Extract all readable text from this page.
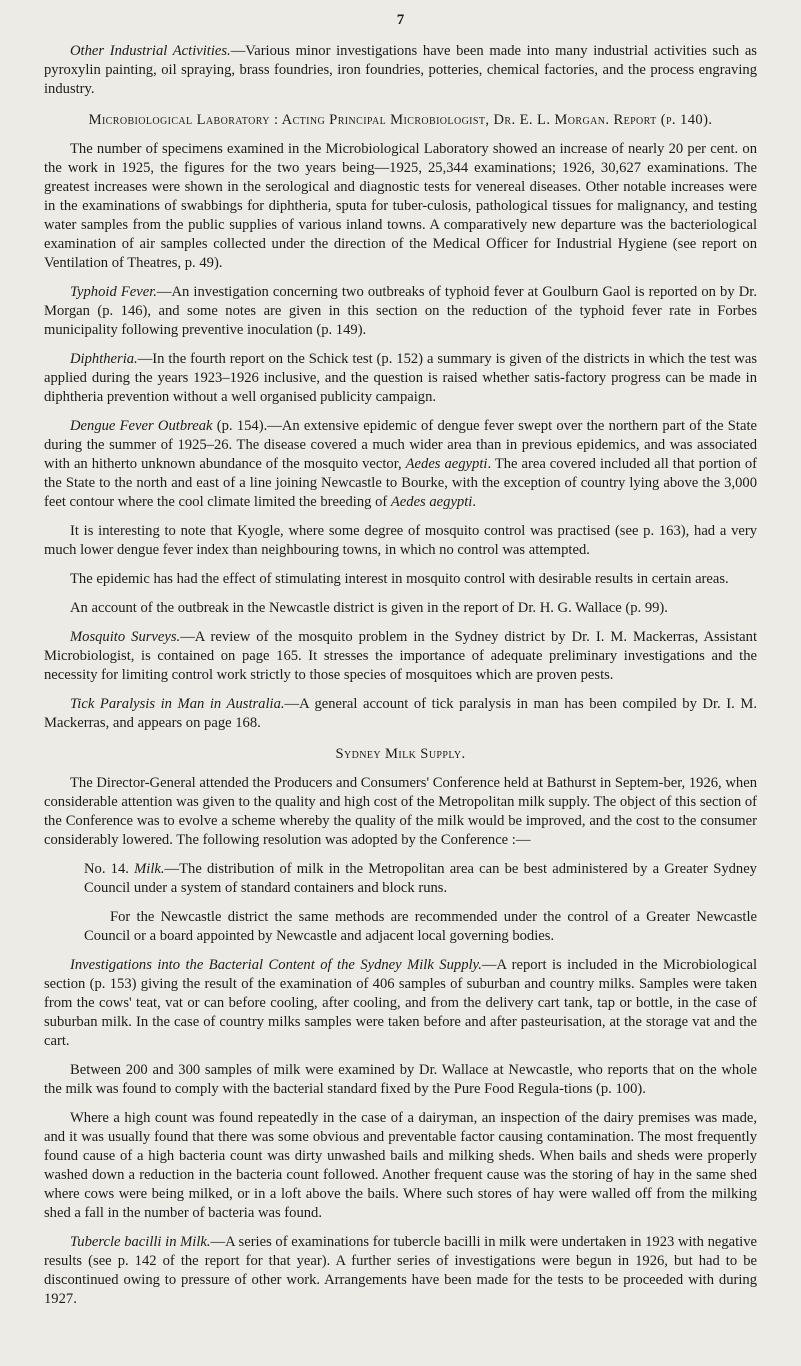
7

Other Industrial Activities.—Various minor investigations have been made into many industrial activities such as pyroxylin painting, oil spraying, brass foundries, iron foundries, potteries, chemical factories, and the process engraving industry.

Microbiological Laboratory : Acting Principal Microbiologist, Dr. E. L. Morgan. Report (p. 140).

The number of specimens examined in the Microbiological Laboratory showed an increase of nearly 20 per cent. on the work in 1925, the figures for the two years being—1925, 25,344 examinations; 1926, 30,627 examinations. The greatest increases were shown in the serological and diagnostic tests for venereal diseases. Other notable increases were in the examinations of swabbings for diphtheria, sputa for tuber-culosis, pathological tissues for malignancy, and testing water samples from the public supplies of various inland towns. A comparatively new departure was the bacteriological examination of air samples collected under the direction of the Medical Officer for Industrial Hygiene (see report on Ventilation of Theatres, p. 49).

Typhoid Fever.—An investigation concerning two outbreaks of typhoid fever at Goulburn Gaol is reported on by Dr. Morgan (p. 146), and some notes are given in this section on the reduction of the typhoid fever rate in Forbes municipality following preventive inoculation (p. 149).

Diphtheria.—In the fourth report on the Schick test (p. 152) a summary is given of the districts in which the test was applied during the years 1923–1926 inclusive, and the question is raised whether satis-factory progress can be made in diphtheria prevention without a well organised publicity campaign.

Dengue Fever Outbreak (p. 154).—An extensive epidemic of dengue fever swept over the northern part of the State during the summer of 1925–26. The disease covered a much wider area than in previous epidemics, and was associated with an hitherto unknown abundance of the mosquito vector, Aedes aegypti. The area covered included all that portion of the State to the north and east of a line joining Newcastle to Bourke, with the exception of country lying above the 3,000 feet contour where the cool climate limited the breeding of Aedes aegypti.

It is interesting to note that Kyogle, where some degree of mosquito control was practised (see p. 163), had a very much lower dengue fever index than neighbouring towns, in which no control was attempted.

The epidemic has had the effect of stimulating interest in mosquito control with desirable results in certain areas.

An account of the outbreak in the Newcastle district is given in the report of Dr. H. G. Wallace (p. 99).

Mosquito Surveys.—A review of the mosquito problem in the Sydney district by Dr. I. M. Mackerras, Assistant Microbiologist, is contained on page 165. It stresses the importance of adequate preliminary investigations and the necessity for limiting control work strictly to those species of mosquitoes which are proven pests.

Tick Paralysis in Man in Australia.—A general account of tick paralysis in man has been compiled by Dr. I. M. Mackerras, and appears on page 168.

Sydney Milk Supply.

The Director-General attended the Producers and Consumers' Conference held at Bathurst in Septem-ber, 1926, when considerable attention was given to the quality and high cost of the Metropolitan milk supply. The object of this section of the Conference was to evolve a scheme whereby the quality of the milk would be improved, and the cost to the consumer considerably lowered. The following resolution was adopted by the Conference :—

No. 14. Milk.—The distribution of milk in the Metropolitan area can be best administered by a Greater Sydney Council under a system of standard containers and block runs.

For the Newcastle district the same methods are recommended under the control of a Greater Newcastle Council or a board appointed by Newcastle and adjacent local governing bodies.

Investigations into the Bacterial Content of the Sydney Milk Supply.—A report is included in the Microbiological section (p. 153) giving the result of the examination of 406 samples of suburban and country milks. Samples were taken from the cows' teat, vat or can before cooling, after cooling, and from the delivery cart tank, tap or bottle, in the case of suburban milk. In the case of country milks samples were taken before and after pasteurisation, at the storage vat and the cart.

Between 200 and 300 samples of milk were examined by Dr. Wallace at Newcastle, who reports that on the whole the milk was found to comply with the bacterial standard fixed by the Pure Food Regula-tions (p. 100).

Where a high count was found repeatedly in the case of a dairyman, an inspection of the dairy premises was made, and it was usually found that there was some obvious and preventable factor causing contamination. The most frequently found cause of a high bacteria count was dirty unwashed bails and milking sheds. When bails and sheds were properly washed down a reduction in the bacteria count followed. Another frequent cause was the storing of hay in the same shed where cows were being milked, or in a loft above the bails. Where such stores of hay were walled off from the milking shed a fall in the number of bacteria was found.

Tubercle bacilli in Milk.—A series of examinations for tubercle bacilli in milk were undertaken in 1923 with negative results (see p. 142 of the report for that year). A further series of investigations were begun in 1926, but had to be discontinued owing to pressure of other work. Arrangements have been made for the tests to be proceeded with during 1927.
